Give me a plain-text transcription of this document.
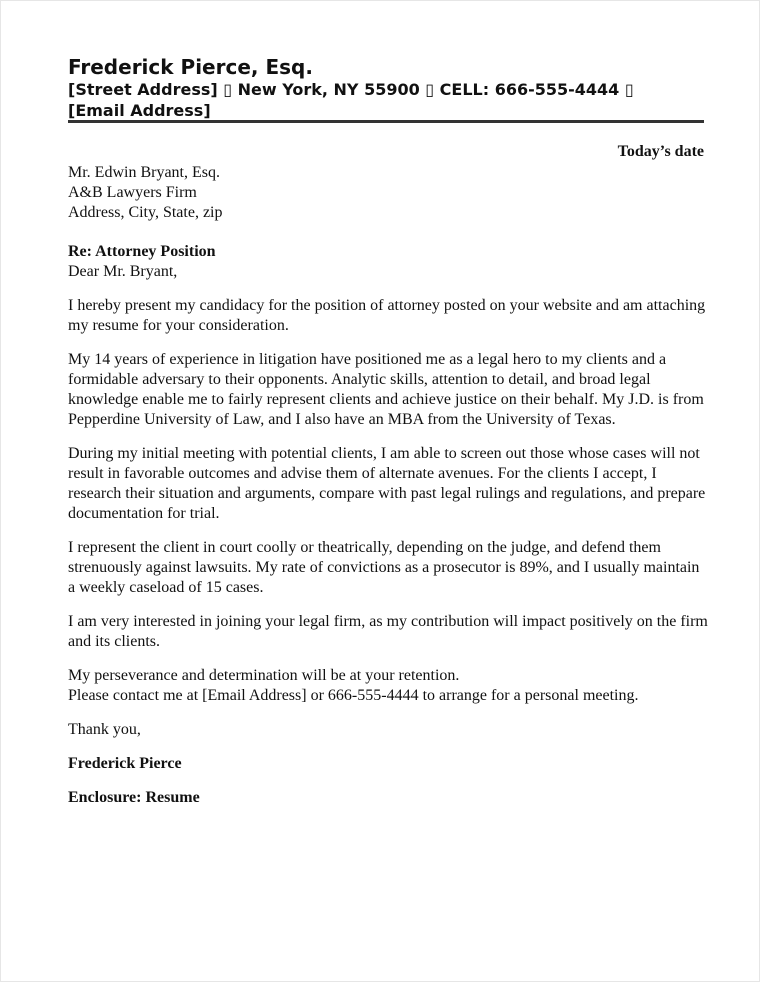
Frederick Pierce, Esq.
[Street Address] ▯ New York, NY 55900 ▯ CELL: 666-555-4444 ▯
[Email Address]
Today’s date
Mr. Edwin Bryant, Esq.
A&B Lawyers Firm
Address, City, State, zip
Re: Attorney Position
Dear Mr. Bryant,

I hereby present my candidacy for the position of attorney posted on your website and am attaching my resume for your consideration.

My 14 years of experience in litigation have positioned me as a legal hero to my clients and a formidable adversary to their opponents. Analytic skills, attention to detail, and broad legal knowledge enable me to fairly represent clients and achieve justice on their behalf. My J.D. is from Pepperdine University of Law, and I also have an MBA from the University of Texas.

During my initial meeting with potential clients, I am able to screen out those whose cases will not result in favorable outcomes and advise them of alternate avenues. For the clients I accept, I research their situation and arguments, compare with past legal rulings and regulations, and prepare documentation for trial.

I represent the client in court coolly or theatrically, depending on the judge, and defend them strenuously against lawsuits. My rate of convictions as a prosecutor is 89%, and I usually maintain a weekly caseload of 15 cases.

I am very interested in joining your legal firm, as my contribution will impact positively on the firm and its clients.

My perseverance and determination will be at your retention.
Please contact me at [Email Address] or 666-555-4444 to arrange for a personal meeting.
Thank you,
Frederick Pierce
Enclosure: Resume
